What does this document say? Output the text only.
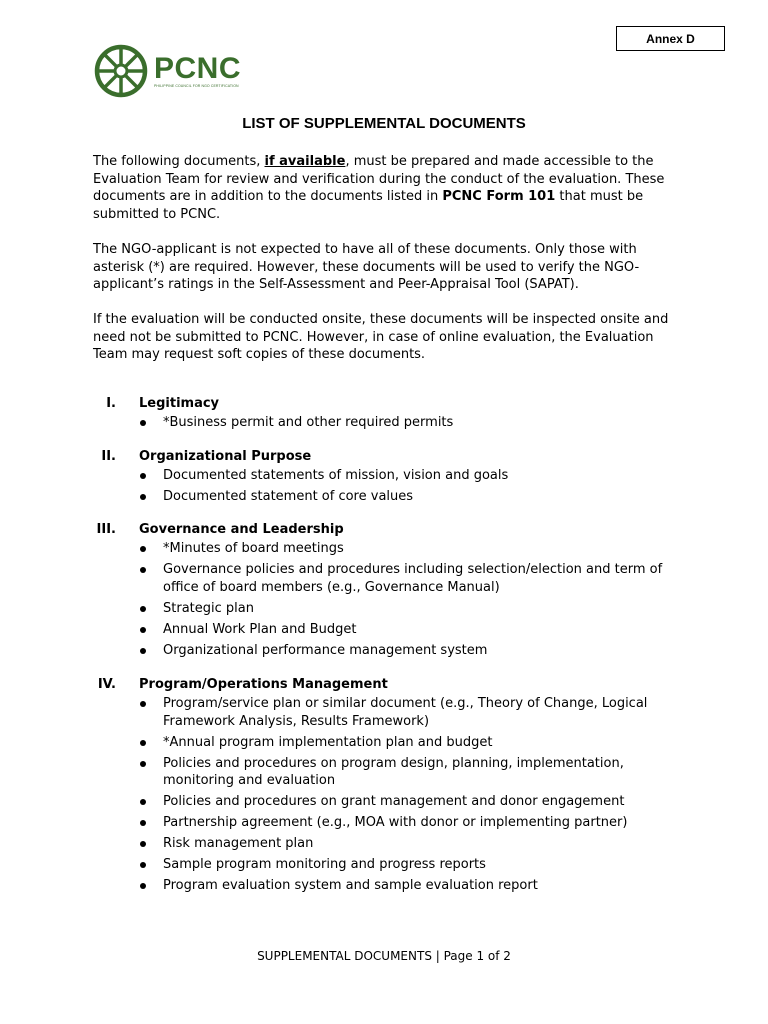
Annex D
PCNC
PHILIPPINE COUNCIL FOR NGO CERTIFICATION
LIST OF SUPPLEMENTAL DOCUMENTS

The following documents, if available, must be prepared and made accessible to the Evaluation Team for review and verification during the conduct of the evaluation. These documents are in addition to the documents listed in PCNC Form 101 that must be submitted to PCNC.

The NGO-applicant is not expected to have all of these documents. Only those with asterisk (*) are required. However, these documents will be used to verify the NGO-applicant’s ratings in the Self-Assessment and Peer-Appraisal Tool (SAPAT).

If the evaluation will be conducted onsite, these documents will be inspected onsite and need not be submitted to PCNC. However, in case of online evaluation, the Evaluation Team may request soft copies of these documents.

I. Legitimacy
*Business permit and other required permits
II. Organizational Purpose
Documented statements of mission, vision and goals
Documented statement of core values
III. Governance and Leadership
*Minutes of board meetings
Governance policies and procedures including selection/election and term of office of board members (e.g., Governance Manual)
Strategic plan
Annual Work Plan and Budget
Organizational performance management system
IV. Program/Operations Management
Program/service plan or similar document (e.g., Theory of Change, Logical Framework Analysis, Results Framework)
*Annual program implementation plan and budget
Policies and procedures on program design, planning, implementation, monitoring and evaluation
Policies and procedures on grant management and donor engagement
Partnership agreement (e.g., MOA with donor or implementing partner)
Risk management plan
Sample program monitoring and progress reports
Program evaluation system and sample evaluation report
SUPPLEMENTAL DOCUMENTS | Page 1 of 2
